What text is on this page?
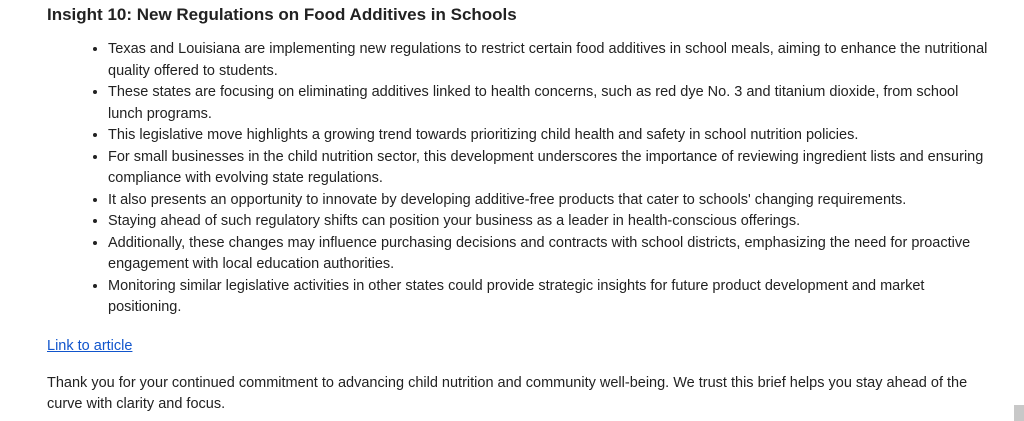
Insight 10: New Regulations on Food Additives in Schools
• Texas and Louisiana are implementing new regulations to restrict certain food additives in school meals, aiming to enhance the nutritional quality offered to students.
• These states are focusing on eliminating additives linked to health concerns, such as red dye No. 3 and titanium dioxide, from school lunch programs.
• This legislative move highlights a growing trend towards prioritizing child health and safety in school nutrition policies.
• For small businesses in the child nutrition sector, this development underscores the importance of reviewing ingredient lists and ensuring compliance with evolving state regulations.
• It also presents an opportunity to innovate by developing additive-free products that cater to schools' changing requirements.
• Staying ahead of such regulatory shifts can position your business as a leader in health-conscious offerings.
• Additionally, these changes may influence purchasing decisions and contracts with school districts, emphasizing the need for proactive engagement with local education authorities.
• Monitoring similar legislative activities in other states could provide strategic insights for future product development and market positioning.
Link to article

Thank you for your continued commitment to advancing child nutrition and community well-being. We trust this brief helps you stay ahead of the curve with clarity and focus.
